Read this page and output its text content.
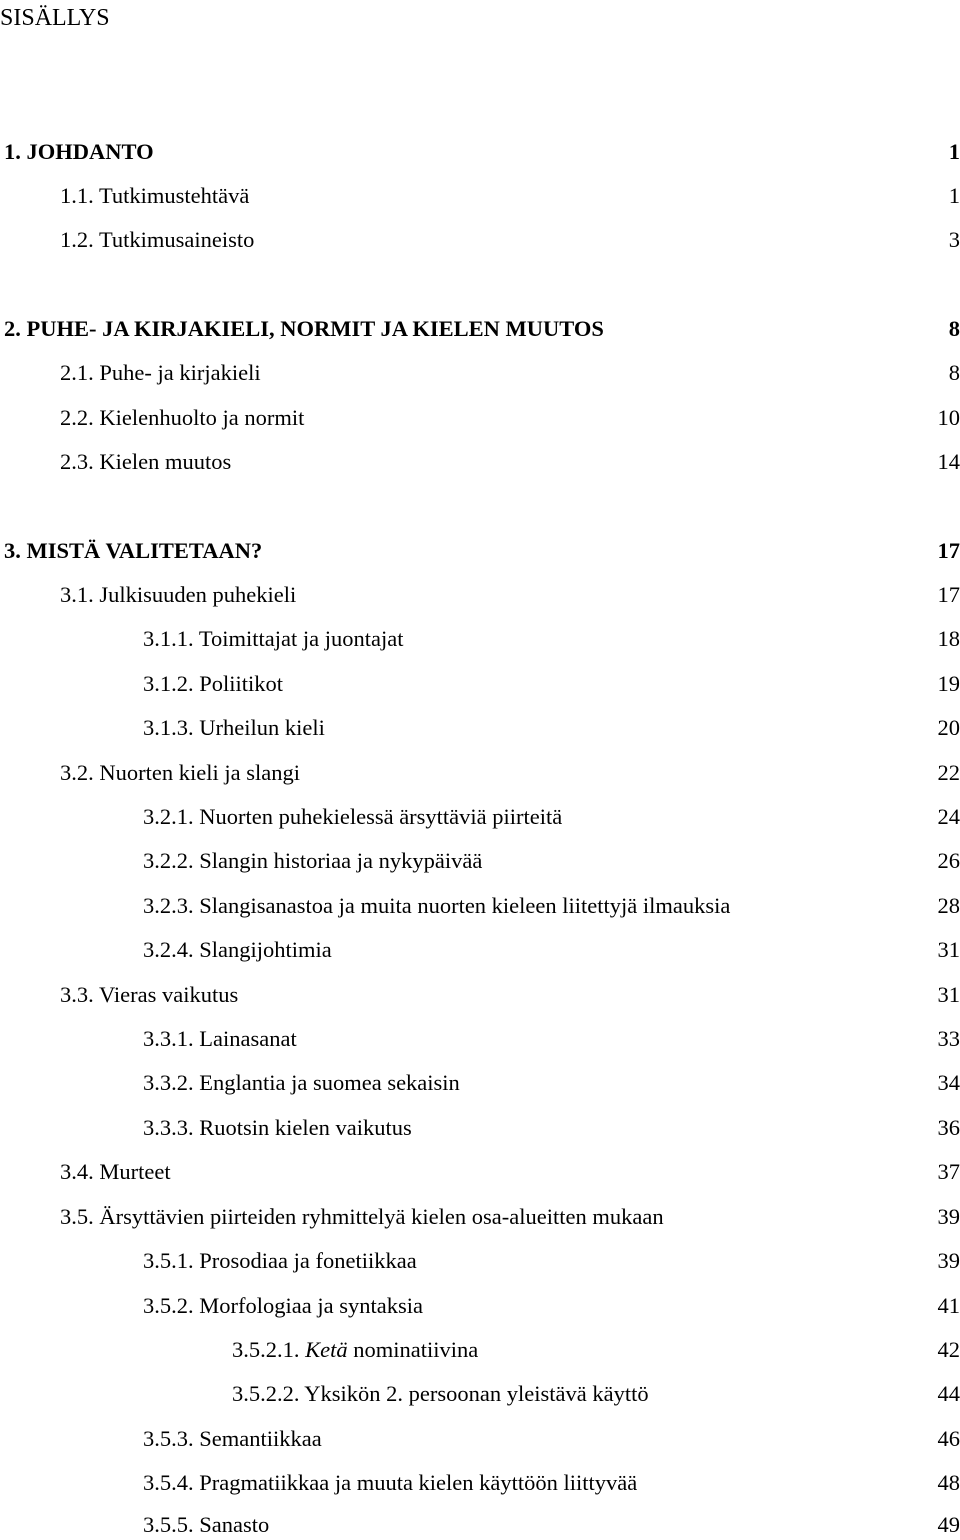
SISÄLLYS
1. JOHDANTO	1
1.1. Tutkimustehtävä	1
1.2. Tutkimusaineisto	3
2. PUHE- JA KIRJAKIELI, NORMIT JA KIELEN MUUTOS	8
2.1. Puhe- ja kirjakieli	8
2.2. Kielenhuolto ja normit	10
2.3. Kielen muutos	14
3. MISTÄ VALITETAAN?	17
3.1. Julkisuuden puhekieli	17
3.1.1. Toimittajat ja juontajat	18
3.1.2. Poliitikot	19
3.1.3. Urheilun kieli	20
3.2. Nuorten kieli ja slangi	22
3.2.1. Nuorten puhekielessä ärsyttäviä piirteitä	24
3.2.2. Slangin historiaa ja nykypäivää	26
3.2.3. Slangisanastoa ja muita nuorten kieleen liitettyjä ilmauksia	28
3.2.4. Slangijohtimia	31
3.3. Vieras vaikutus	31
3.3.1. Lainasanat	33
3.3.2. Englantia ja suomea sekaisin	34
3.3.3. Ruotsin kielen vaikutus	36
3.4. Murteet	37
3.5. Ärsyttävien piirteiden ryhmittelyä kielen osa-alueitten mukaan	39
3.5.1. Prosodiaa ja fonetiikkaa	39
3.5.2. Morfologiaa ja syntaksia	41
3.5.2.1. Ketä nominatiivina	42
3.5.2.2. Yksikön 2. persoonan yleistävä käyttö	44
3.5.3. Semantiikkaa	46
3.5.4. Pragmatiikkaa ja muuta kielen käyttöön liittyvää	48
3.5.5. Sanasto	49
